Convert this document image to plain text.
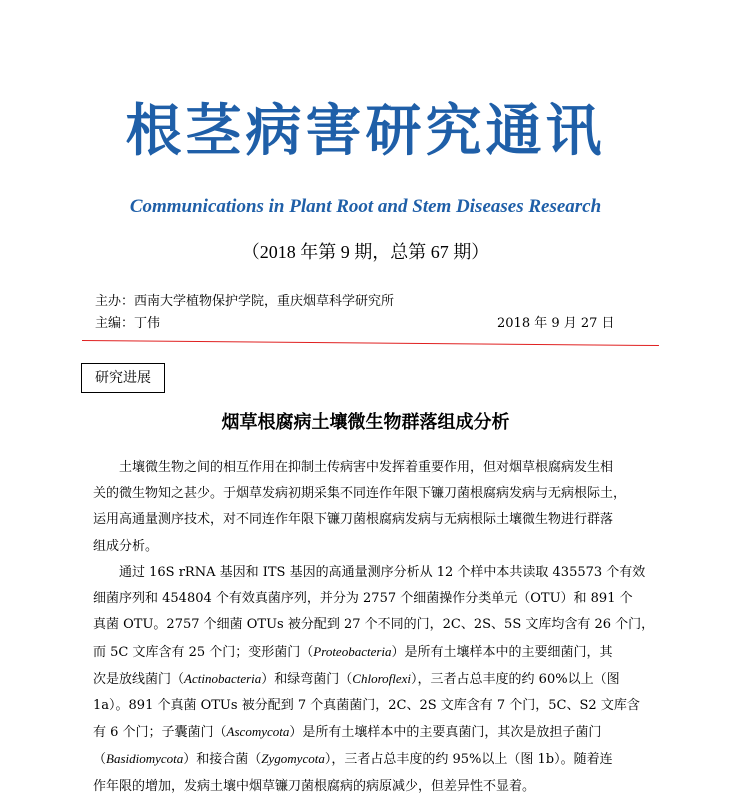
根茎病害研究通讯
Communications in Plant Root and Stem Diseases Research
（2018 年第 9 期，总第 67 期）
主办：西南大学植物保护学院，重庆烟草科学研究所
主编：丁伟	2018 年 9 月 27 日
研究进展
烟草根腐病土壤微生物群落组成分析
土壤微生物之间的相互作用在抑制土传病害中发挥着重要作用，但对烟草根腐病发生相
关的微生物知之甚少。于烟草发病初期采集不同连作年限下镰刀菌根腐病发病与无病根际土，
运用高通量测序技术，对不同连作年限下镰刀菌根腐病发病与无病根际土壤微生物进行群落
组成分析。
通过 16S rRNA 基因和 ITS 基因的高通量测序分析从 12 个样中本共读取 435573 个有效
细菌序列和 454804 个有效真菌序列，并分为 2757 个细菌操作分类单元（OTU）和 891 个
真菌 OTU。2757 个细菌 OTUs 被分配到 27 个不同的门，2C、2S、5S 文库均含有 26 个门，
而 5C 文库含有 25 个门；变形菌门（Proteobacteria）是所有土壤样本中的主要细菌门，其
次是放线菌门（Actinobacteria）和绿弯菌门（Chloroflexi），三者占总丰度的约 60%以上（图
1a）。891 个真菌 OTUs 被分配到 7 个真菌菌门，2C、2S 文库含有 7 个门，5C、S2 文库含
有 6 个门；子囊菌门（Ascomycota）是所有土壤样本中的主要真菌门，其次是放担子菌门
（Basidiomycota）和接合菌（Zygomycota），三者占总丰度的约 95%以上（图 1b）。随着连
作年限的增加，发病土壤中烟草镰刀菌根腐病的病原减少，但差异性不显着。
